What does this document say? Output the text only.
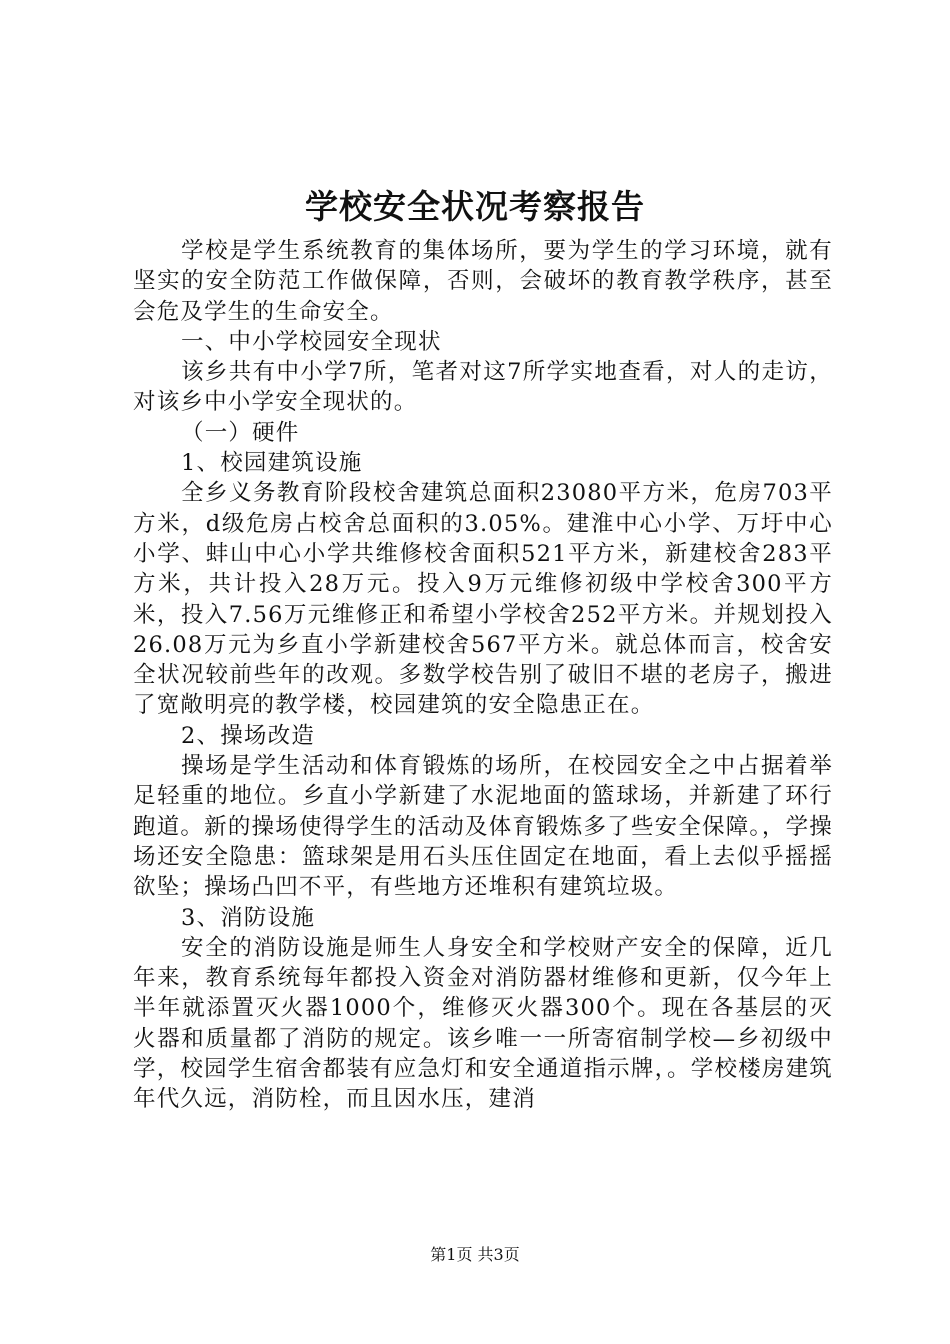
学校安全状况考察报告

学校是学生系统教育的集体场所，要为学生的学习环境，就有坚实的安全防范工作做保障，否则，会破坏的教育教学秩序，甚至会危及学生的生命安全。

一、中小学校园安全现状

该乡共有中小学7所，笔者对这7所学实地查看，对人的走访，对该乡中小学安全现状的。

（一）硬件

1、校园建筑设施

全乡义务教育阶段校舍建筑总面积23080平方米，危房703平方米，d级危房占校舍总面积的3.05%。建淮中心小学、万圩中心小学、蚌山中心小学共维修校舍面积521平方米，新建校舍283平方米，共计投入28万元。投入9万元维修初级中学校舍300平方米，投入7.56万元维修正和希望小学校舍252平方米。并规划投入26.08万元为乡直小学新建校舍567平方米。就总体而言，校舍安全状况较前些年的改观。多数学校告别了破旧不堪的老房子，搬进了宽敞明亮的教学楼，校园建筑的安全隐患正在。

2、操场改造

操场是学生活动和体育锻炼的场所，在校园安全之中占据着举足轻重的地位。乡直小学新建了水泥地面的篮球场，并新建了环行跑道。新的操场使得学生的活动及体育锻炼多了些安全保障。，学操场还安全隐患：篮球架是用石头压住固定在地面，看上去似乎摇摇欲坠；操场凸凹不平，有些地方还堆积有建筑垃圾。

3、消防设施

安全的消防设施是师生人身安全和学校财产安全的保障，近几年来，教育系统每年都投入资金对消防器材维修和更新，仅今年上半年就添置灭火器1000个，维修灭火器300个。现在各基层的灭火器和质量都了消防的规定。该乡唯一一所寄宿制学校—乡初级中学，校园学生宿舍都装有应急灯和安全通道指示牌，。学校楼房建筑年代久远，消防栓，而且因水压，建消

第1页 共3页
